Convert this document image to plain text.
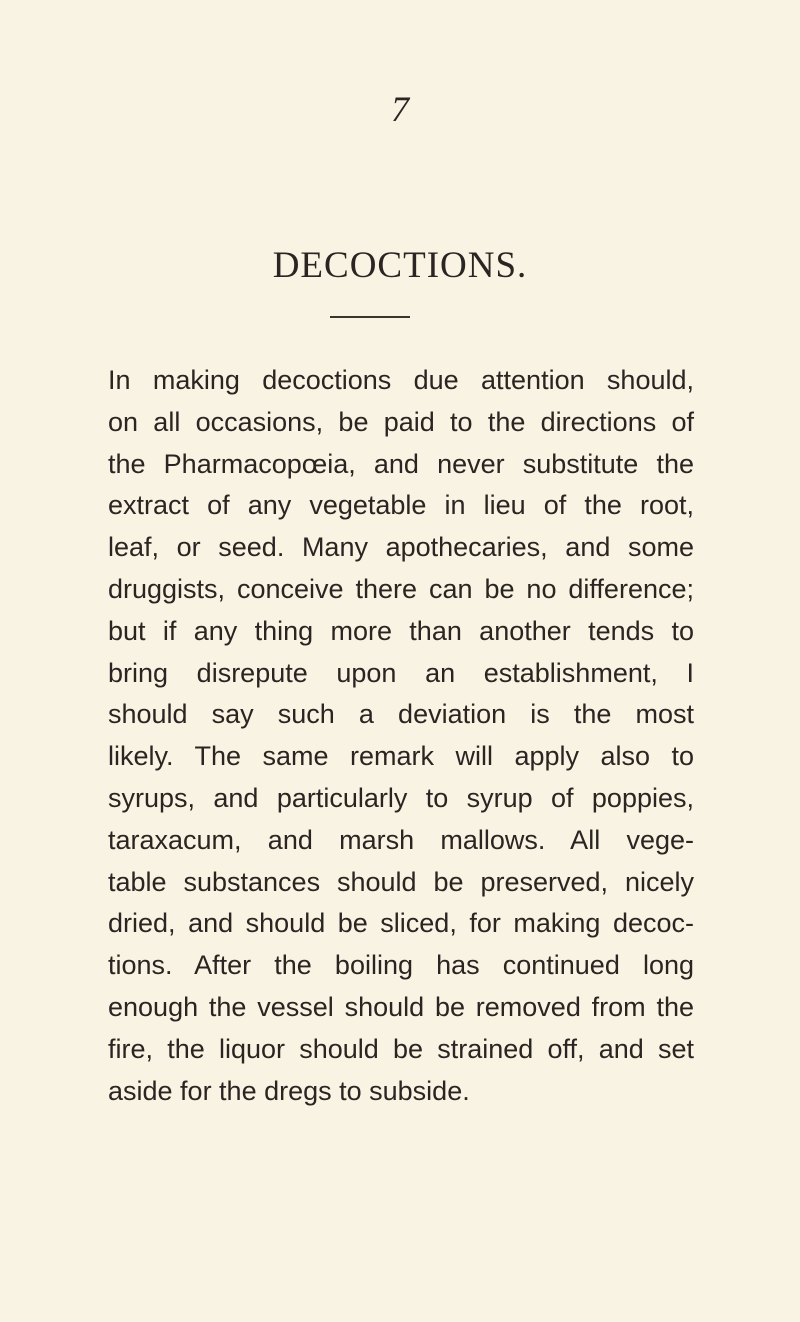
7
DECOCTIONS.
In making decoctions due attention should,
on all occasions, be paid to the directions of
the Pharmacopœia, and never substitute the
extract of any vegetable in lieu of the root,
leaf, or seed. Many apothecaries, and some
druggists, conceive there can be no difference;
but if any thing more than another tends to
bring disrepute upon an establishment, I
should say such a deviation is the most
likely. The same remark will apply also to
syrups, and particularly to syrup of poppies,
taraxacum, and marsh mallows. All vege-
table substances should be preserved, nicely
dried, and should be sliced, for making decoc-
tions. After the boiling has continued long
enough the vessel should be removed from the
fire, the liquor should be strained off, and set
aside for the dregs to subside.
